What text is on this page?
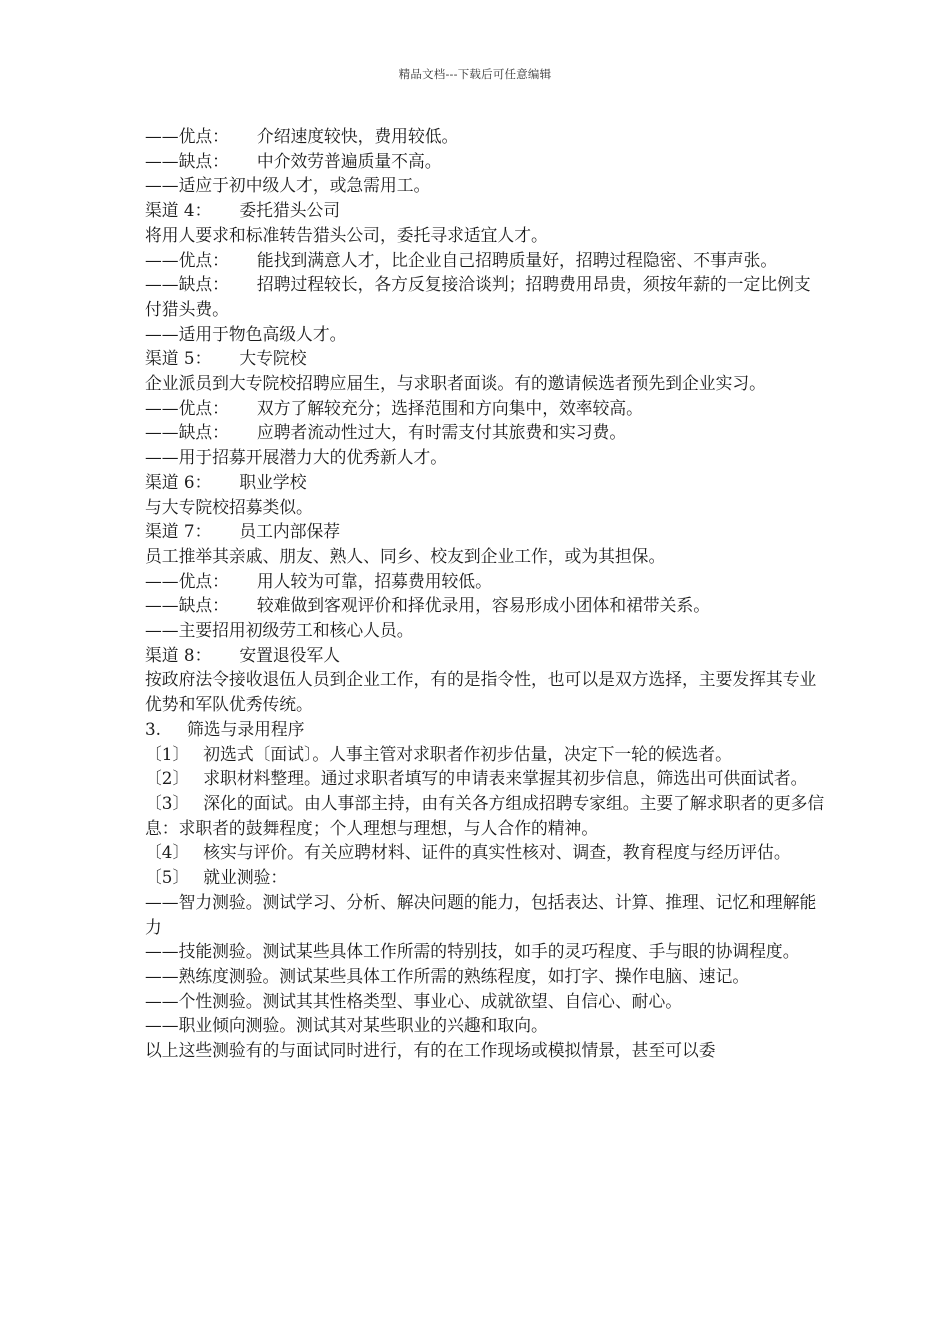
精品文档---下载后可任意编辑

——优点： 介绍速度较快，费用较低。

——缺点： 中介效劳普遍质量不高。

——适应于初中级人才，或急需用工。

渠道 4： 委托猎头公司

将用人要求和标准转告猎头公司，委托寻求适宜人才。

——优点： 能找到满意人才，比企业自己招聘质量好，招聘过程隐密、不事声张。

——缺点： 招聘过程较长，各方反复接洽谈判；招聘费用昂贵，须按年薪的一定比例支付猎头费。

——适用于物色高级人才。

渠道 5： 大专院校

企业派员到大专院校招聘应届生，与求职者面谈。有的邀请候选者预先到企业实习。

——优点： 双方了解较充分；选择范围和方向集中，效率较高。

——缺点： 应聘者流动性过大，有时需支付其旅费和实习费。

——用于招募开展潜力大的优秀新人才。

渠道 6： 职业学校

与大专院校招募类似。

渠道 7： 员工内部保荐

员工推举其亲戚、朋友、熟人、同乡、校友到企业工作，或为其担保。

——优点： 用人较为可靠，招募费用较低。

——缺点： 较难做到客观评价和择优录用，容易形成小团体和裙带关系。

——主要招用初级劳工和核心人员。

渠道 8： 安置退役军人

按政府法令接收退伍人员到企业工作，有的是指令性，也可以是双方选择，主要发挥其专业优势和军队优秀传统。

3. 筛选与录用程序

〔1〕 初选式〔面试〕。人事主管对求职者作初步估量，决定下一轮的候选者。

〔2〕 求职材料整理。通过求职者填写的申请表来掌握其初步信息，筛选出可供面试者。

〔3〕 深化的面试。由人事部主持，由有关各方组成招聘专家组。主要了解求职者的更多信息：求职者的鼓舞程度；个人理想与理想，与人合作的精神。

〔4〕 核实与评价。有关应聘材料、证件的真实性核对、调查，教育程度与经历评估。

〔5〕 就业测验：

——智力测验。测试学习、分析、解决问题的能力，包括表达、计算、推理、记忆和理解能力

——技能测验。测试某些具体工作所需的特别技，如手的灵巧程度、手与眼的协调程度。

——熟练度测验。测试某些具体工作所需的熟练程度，如打字、操作电脑、速记。

——个性测验。测试其其性格类型、事业心、成就欲望、自信心、耐心。

——职业倾向测验。测试其对某些职业的兴趣和取向。

以上这些测验有的与面试同时进行，有的在工作现场或模拟情景，甚至可以委
